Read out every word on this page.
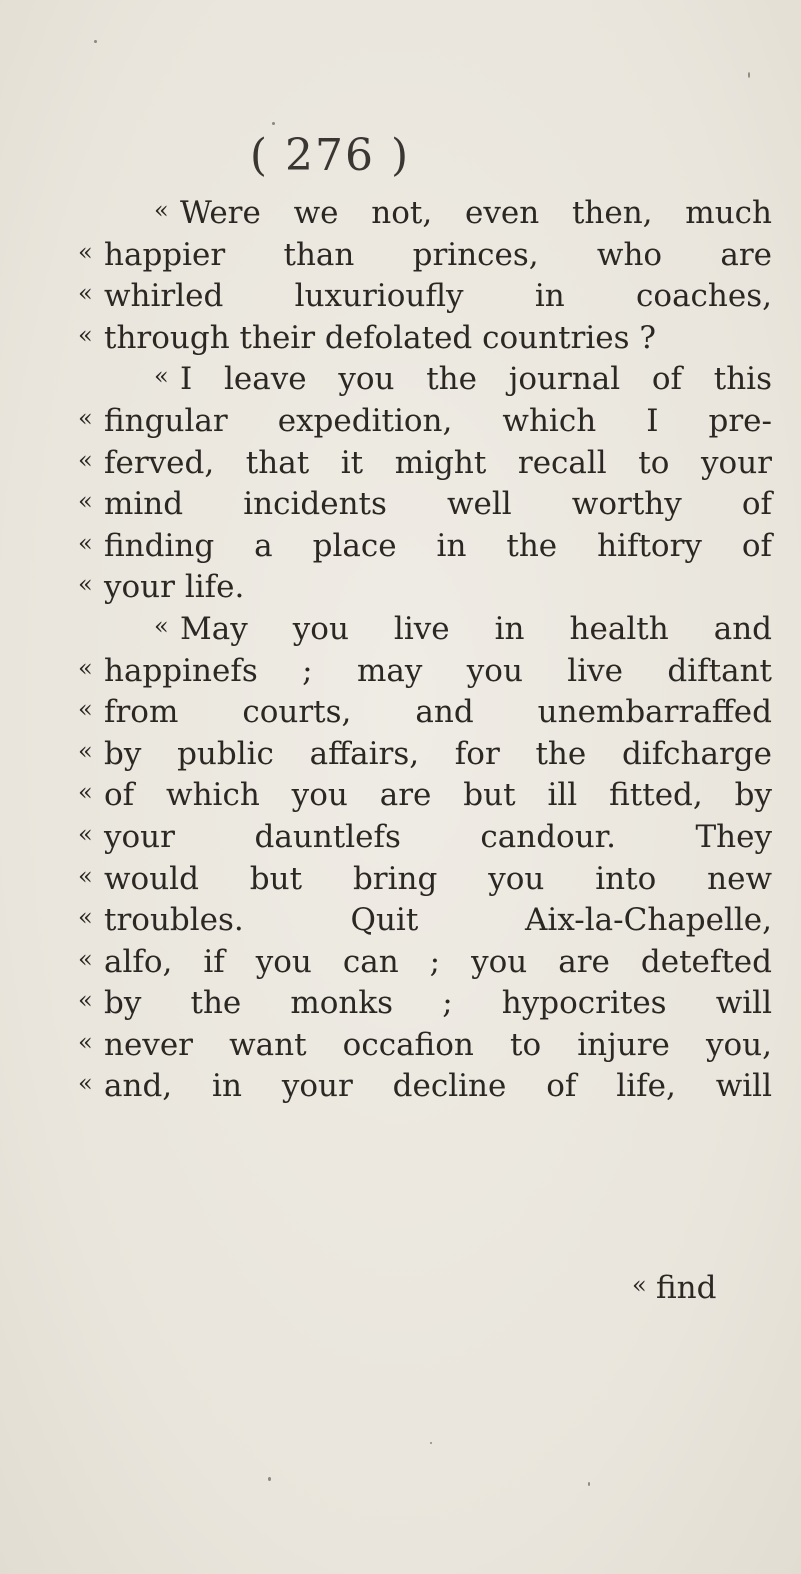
( 276 )
« Were we not, even then, much
« happier than princes, who are
« whirled luxurioufly in coaches,
« through their defolated countries ?
« I leave you the journal of this
« fingular expedition, which I pre-
« ferved, that it might recall to your
« mind incidents well worthy of
« finding a place in the hiftory of
« your life.
« May you live in health and
« happinefs ; may you live diftant
« from courts, and unembarraffed
« by public affairs, for the difcharge
« of which you are but ill fitted, by
« your dauntlefs candour. They
« would but bring you into new
« troubles. Quit Aix-la-Chapelle,
« alfo, if you can ; you are detefted
« by the monks ; hypocrites will
« never want occafion to injure you,
« and, in your decline of life, will
« find
